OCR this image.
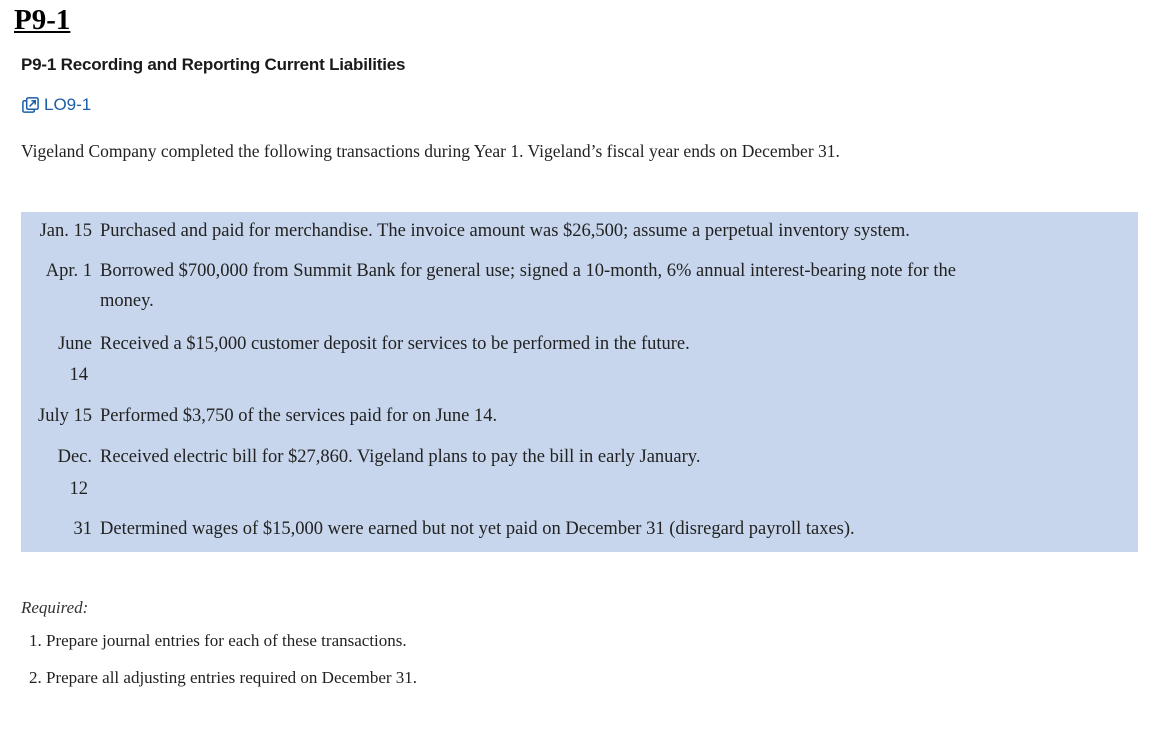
P9-1
P9-1 Recording and Reporting Current Liabilities
LO9-1
Vigeland Company completed the following transactions during Year 1. Vigeland’s fiscal year ends on December 31.
Jan. 15 Purchased and paid for merchandise. The invoice amount was $26,500; assume a perpetual inventory system.
Apr. 1 Borrowed $700,000 from Summit Bank for general use; signed a 10-month, 6% annual interest-bearing note for the
money.
June Received a $15,000 customer deposit for services to be performed in the future.
14
July 15 Performed $3,750 of the services paid for on June 14.
Dec. Received electric bill for $27,860. Vigeland plans to pay the bill in early January.
12
31 Determined wages of $15,000 were earned but not yet paid on December 31 (disregard payroll taxes).
Required:
1. Prepare journal entries for each of these transactions.
2. Prepare all adjusting entries required on December 31.
